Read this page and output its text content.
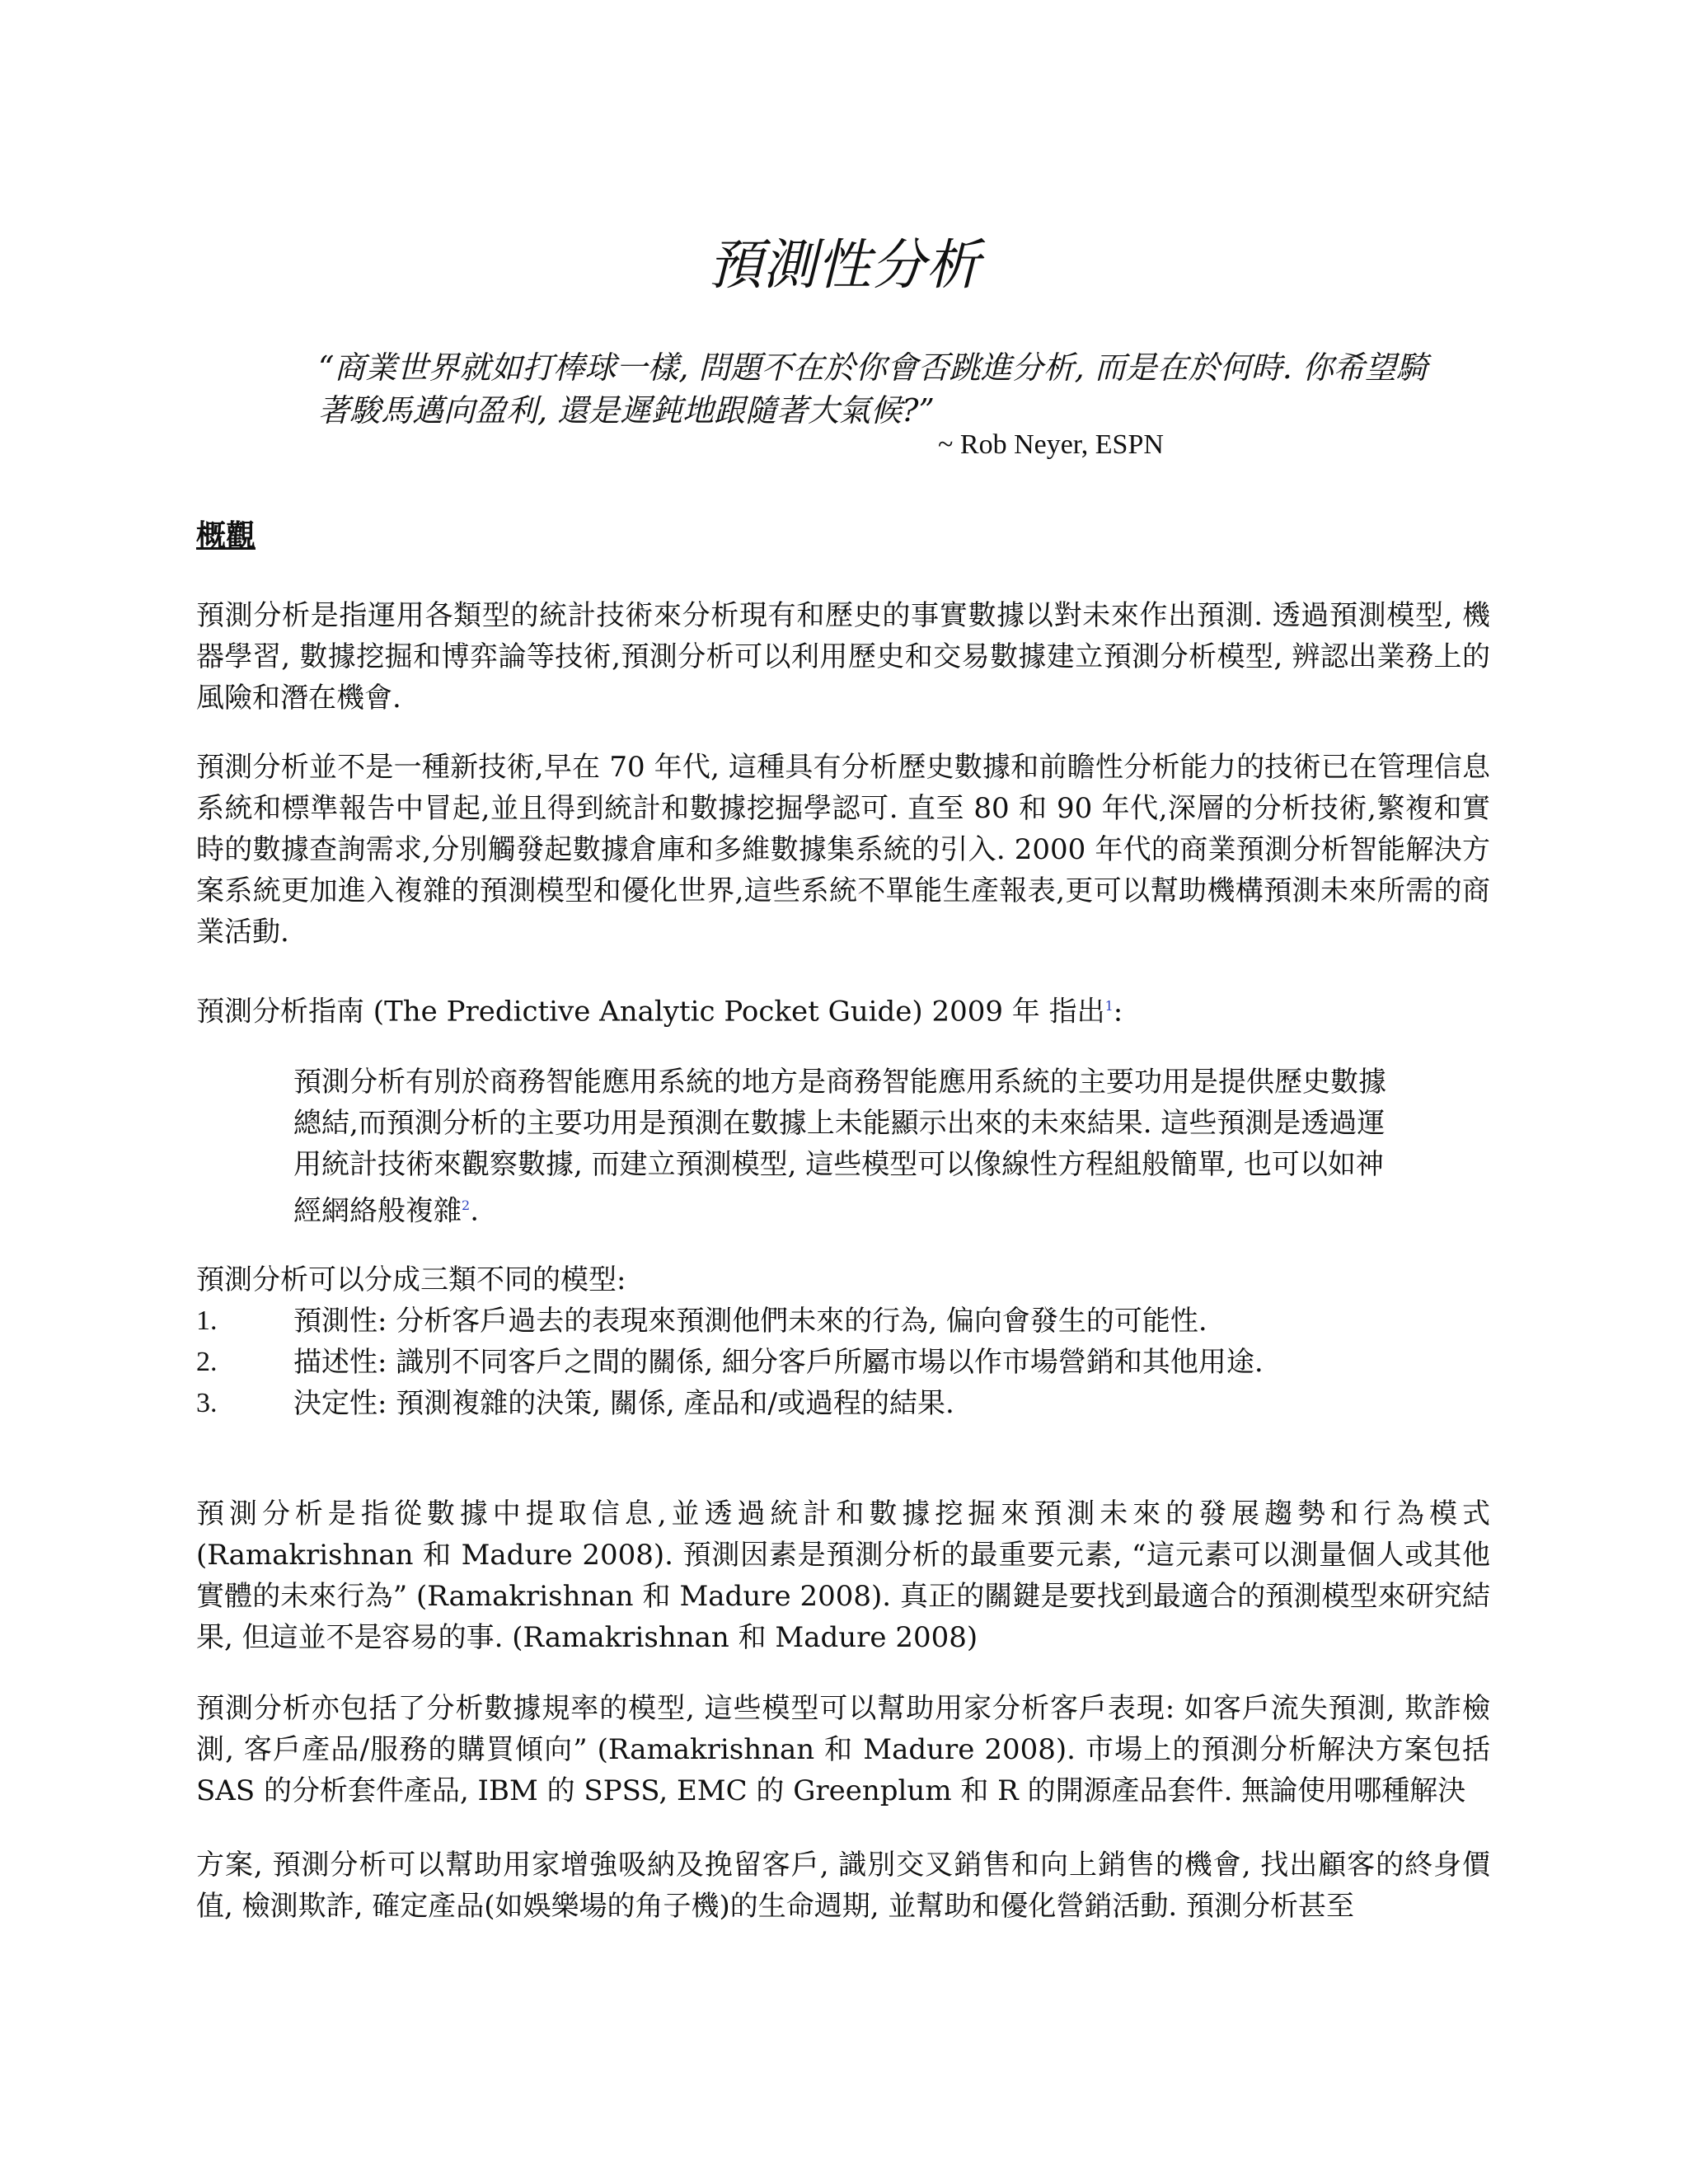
預測性分析
“商業世界就如打棒球一樣, 問題不在於你會否跳進分析, 而是在於何時. 你希望騎著駿馬邁向盈利, 還是遲鈍地跟隨著大氣候?”
~ Rob Neyer, ESPN
概觀
預測分析是指運用各類型的統計技術來分析現有和歷史的事實數據以對未來作出預測. 透過預測模型, 機器學習, 數據挖掘和博弈論等技術,預測分析可以利用歷史和交易數據建立預測分析模型, 辨認出業務上的風險和潛在機會.
預測分析並不是一種新技術,早在 70 年代, 這種具有分析歷史數據和前瞻性分析能力的技術已在管理信息系統和標準報告中冒起,並且得到統計和數據挖掘學認可. 直至 80 和 90 年代,深層的分析技術,繁複和實時的數據查詢需求,分別觸發起數據倉庫和多維數據集系統的引入. 2000 年代的商業預測分析智能解決方案系統更加進入複雜的預測模型和優化世界,這些系統不單能生產報表,更可以幫助機構預測未來所需的商業活動.
預測分析指南 (The Predictive Analytic Pocket Guide) 2009 年 指出$^1$:
預測分析有別於商務智能應用系統的地方是商務智能應用系統的主要功用是提供歷史數據總結,而預測分析的主要功用是預測在數據上未能顯示出來的未來結果. 這些預測是透過運用統計技術來觀察數據, 而建立預測模型, 這些模型可以像線性方程組般簡單, 也可以如神經網絡般複雜$^2$.
預測分析可以分成三類不同的模型:
1.	預測性: 分析客戶過去的表現來預測他們未來的行為, 偏向會發生的可能性.
2.	描述性: 識別不同客戶之間的關係, 細分客戶所屬市場以作市場營銷和其他用途.
3.	決定性: 預測複雜的決策, 關係, 產品和/或過程的結果.
預測分析是指從數據中提取信息,並透過統計和數據挖掘來預測未來的發展趨勢和行為模式 (Ramakrishnan 和 Madure 2008). 預測因素是預測分析的最重要元素, “這元素可以測量個人或其他實體的未來行為” (Ramakrishnan 和 Madure 2008). 真正的關鍵是要找到最適合的預測模型來研究結果, 但這並不是容易的事. (Ramakrishnan 和 Madure 2008)
預測分析亦包括了分析數據規率的模型, 這些模型可以幫助用家分析客戶表現: 如客戶流失預測, 欺詐檢測, 客戶產品/服務的購買傾向” (Ramakrishnan 和 Madure 2008). 市場上的預測分析解決方案包括 SAS 的分析套件產品, IBM 的 SPSS, EMC 的 Greenplum 和 R 的開源產品套件. 無論使用哪種解決
方案, 預測分析可以幫助用家增強吸納及挽留客戶, 識別交叉銷售和向上銷售的機會, 找出顧客的終身價值, 檢測欺詐, 確定產品(如娛樂場的角子機)的生命週期, 並幫助和優化營銷活動. 預測分析甚至
